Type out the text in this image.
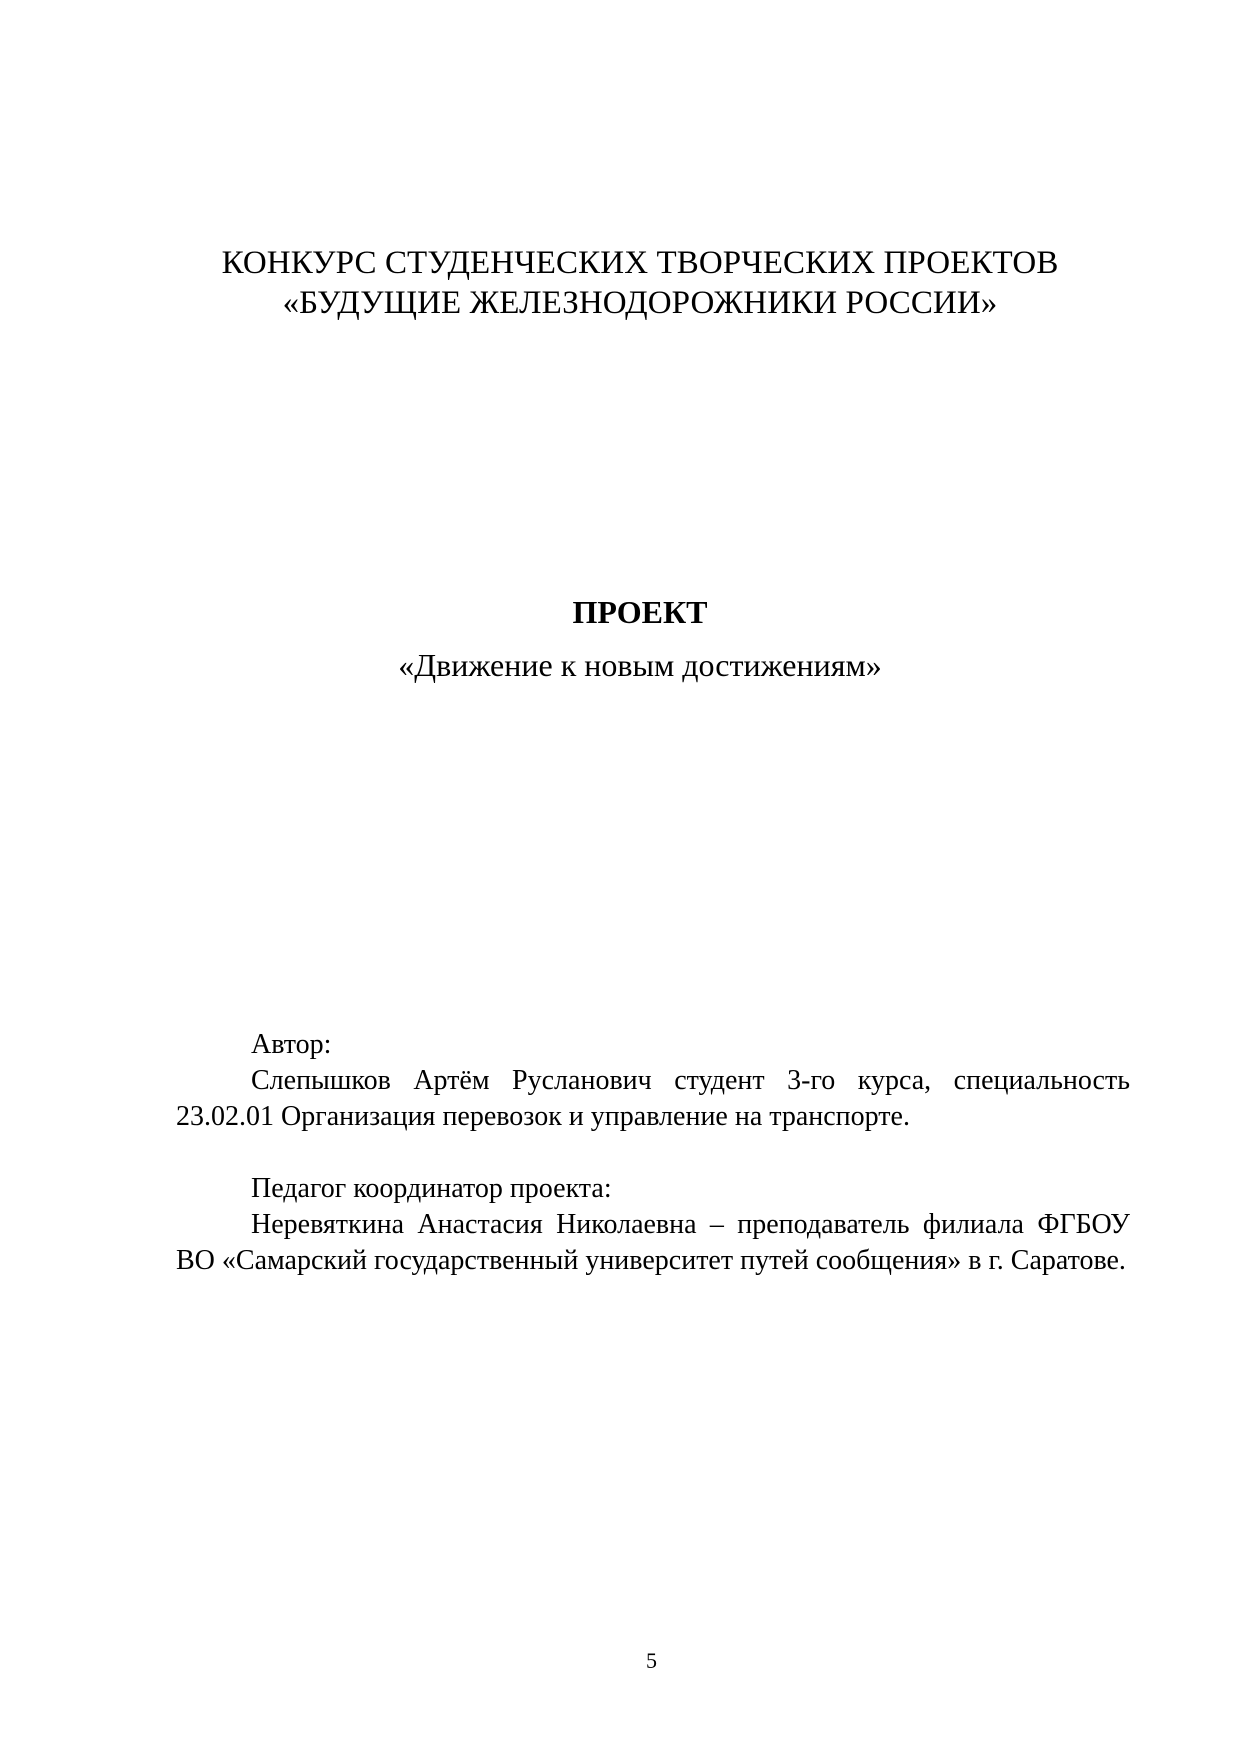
КОНКУРС СТУДЕНЧЕСКИХ ТВОРЧЕСКИХ ПРОЕКТОВ
«БУДУЩИЕ ЖЕЛЕЗНОДОРОЖНИКИ РОССИИ»
ПРОЕКТ
«Движение к новым достижениям»
Автор:
Слепышков Артём Русланович студент 3-го курса, специальность 23.02.01 Организация перевозок и управление на транспорте.
Педагог координатор проекта:
Неревяткина Анастасия Николаевна – преподаватель филиала ФГБОУ ВО «Самарский государственный университет путей сообщения» в г. Саратове.
5
